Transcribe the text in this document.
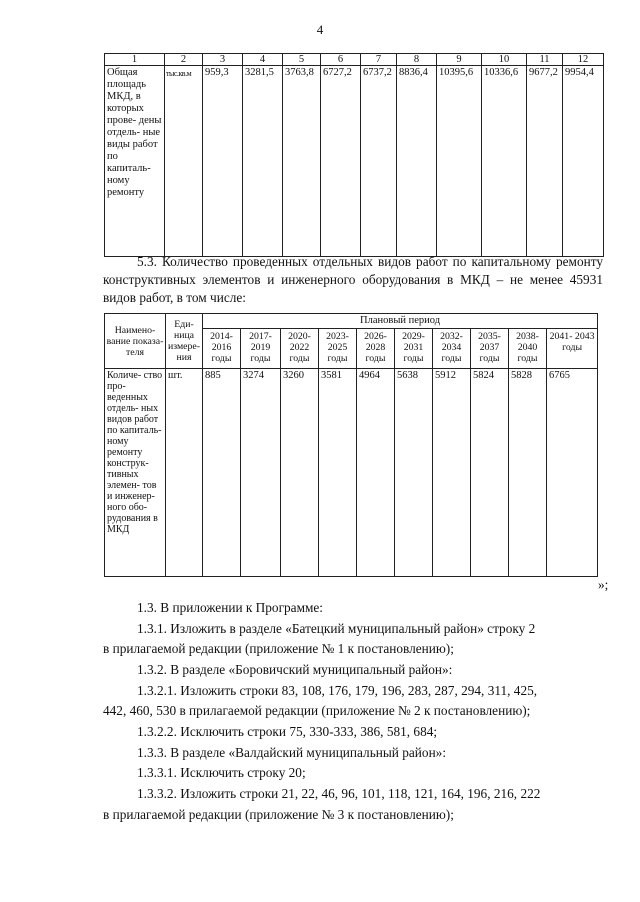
4
1	2	3	4	5	6	7	8	9	10	11	12
Общая площадь МКД, в которых прове- дены отдель- ные виды работ по капиталь- ному ремонту	тыс.кв.м	959,3	3281,5	3763,8	6727,2	6737,2	8836,4	10395,6	10336,6	9677,2	9954,4
5.3. Количество проведенных отдельных видов работ по капитальному ремонту конструктивных элементов и инженерного оборудования в МКД – не менее 45931 видов работ, в том числе:
Наимено- вание показа- теля	Еди- ница измере- ния	Плановый период									
		2014- 2016 годы	2017- 2019 годы	2020- 2022 годы	2023- 2025 годы	2026- 2028 годы	2029- 2031 годы	2032- 2034 годы	2035- 2037 годы	2038- 2040 годы	2041- 2043 годы
Количе- ство про- веденных отдель- ных видов работ по капиталь- ному ремонту конструк- тивных элемен- тов и инженер- ного обо- рудования в МКД	шт.	885	3274	3260	3581	4964	5638	5912	5824	5828	6765
»;
1.3. В приложении к Программе:
1.3.1. Изложить в разделе «Батецкий муниципальный район» строку 2
в прилагаемой редакции (приложение № 1 к постановлению);
1.3.2. В разделе «Боровичский муниципальный район»:
1.3.2.1. Изложить строки 83, 108, 176, 179, 196, 283, 287, 294, 311, 425,
442, 460, 530 в прилагаемой редакции (приложение № 2 к постановлению);
1.3.2.2. Исключить строки 75, 330-333, 386, 581, 684;
1.3.3. В разделе «Валдайский муниципальный район»:
1.3.3.1. Исключить строку 20;
1.3.3.2. Изложить строки 21, 22, 46, 96, 101, 118, 121, 164, 196, 216, 222
в прилагаемой редакции (приложение № 3 к постановлению);
